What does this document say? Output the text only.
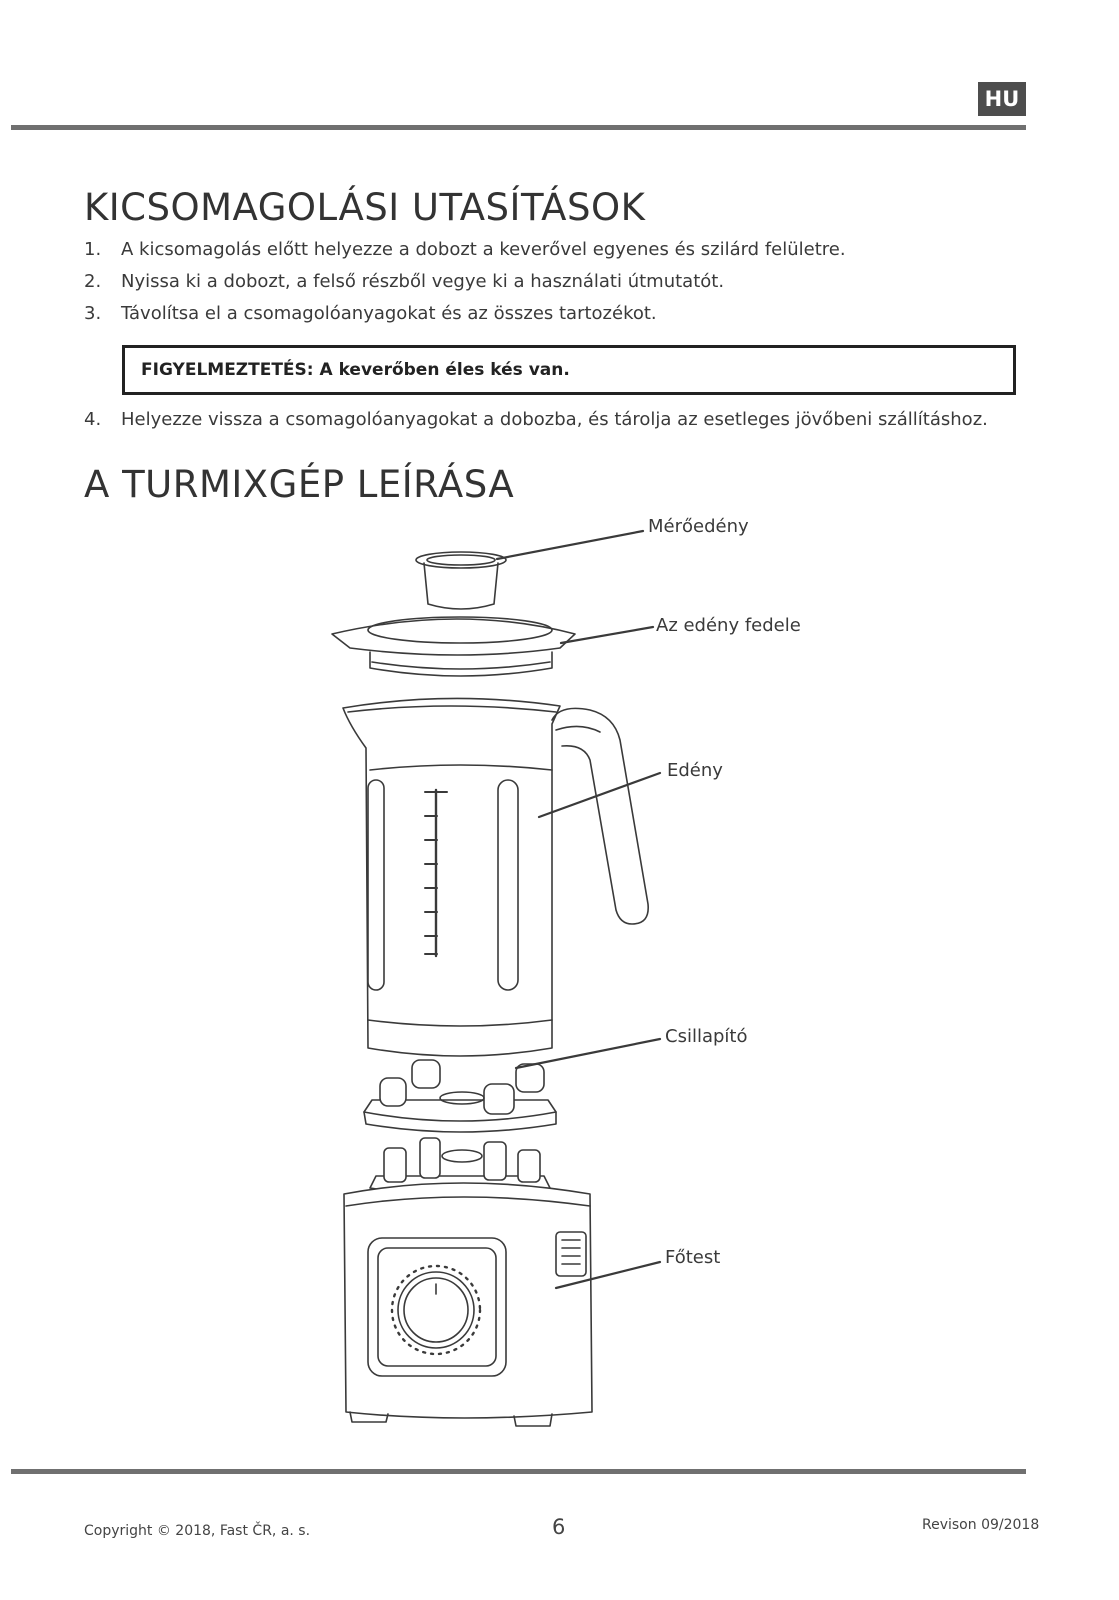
HU
KICSOMAGOLÁSI UTASÍTÁSOK
1. A kicsomagolás előtt helyezze a dobozt a keverővel egyenes és szilárd felületre.
2. Nyissa ki a dobozt, a felső részből vegye ki a használati útmutatót.
3. Távolítsa el a csomagolóanyagokat és az összes tartozékot.
4. Helyezze vissza a csomagolóanyagokat a dobozba, és tárolja az esetleges jövőbeni szállításhoz.
FIGYELMEZTETÉS: A keverőben éles kés van.
A TURMIXGÉP LEÍRÁSA
Mérőedény
Az edény fedele
Edény
Csillapító
Főtest
Copyright © 2018, Fast ČR, a. s.	6	Revison 09/2018
